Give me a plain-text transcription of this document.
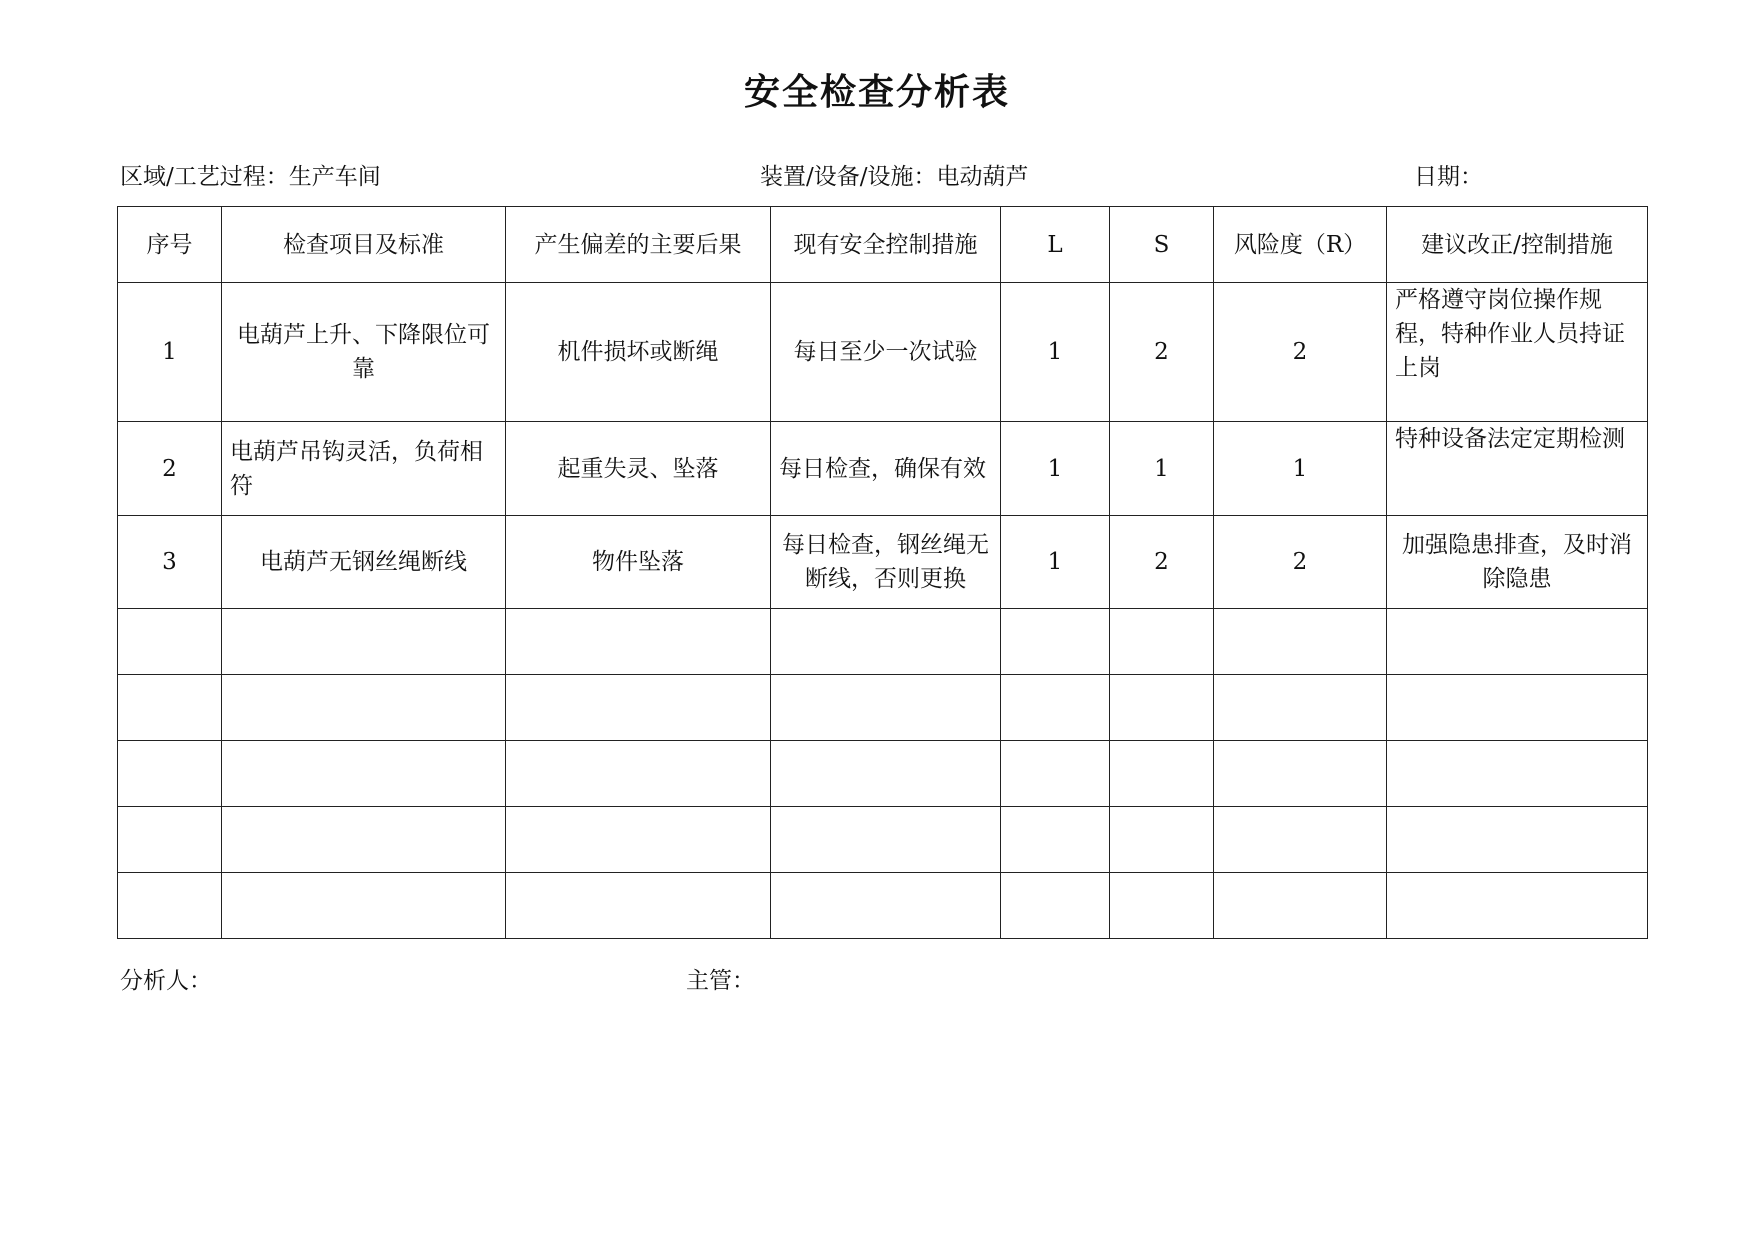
安全检查分析表
区域/工艺过程：生产车间	装置/设备/设施：电动葫芦	日期：
序号	检查项目及标准	产生偏差的主要后果	现有安全控制措施	L	S	风险度（R）	建议改正/控制措施
1	电葫芦上升、下降限位可靠	机件损坏或断绳	每日至少一次试验	1	2	2	严格遵守岗位操作规程，特种作业人员持证上岗
2	电葫芦吊钩灵活，负荷相符	起重失灵、坠落	每日检查，确保有效	1	1	1	特种设备法定定期检测
3	电葫芦无钢丝绳断线	物件坠落	每日检查，钢丝绳无断线，否则更换	1	2	2	加强隐患排查，及时消除隐患

分析人：	主管：
